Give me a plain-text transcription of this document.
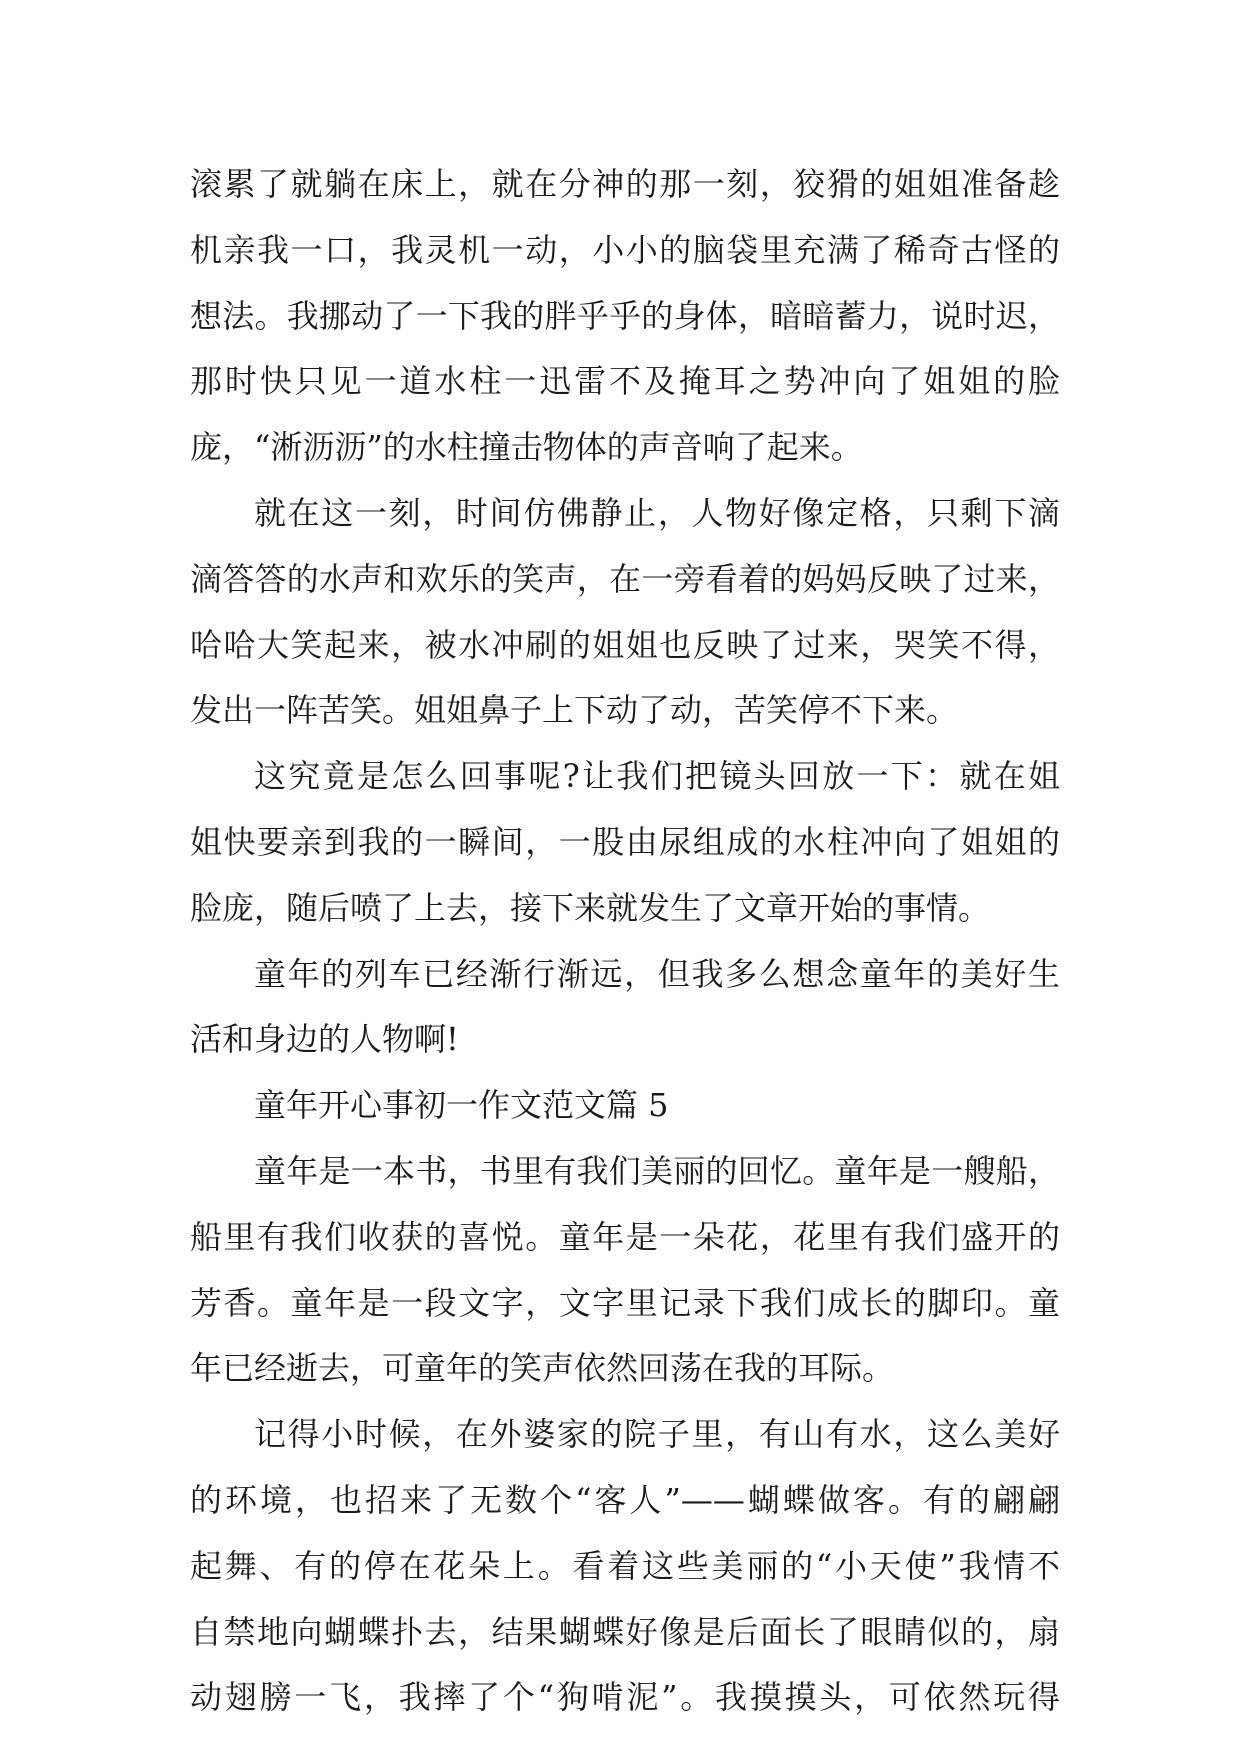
滚累了就躺在床上，就在分神的那一刻，狡猾的姐姐准备趁
机亲我一口，我灵机一动，小小的脑袋里充满了稀奇古怪的
想法。我挪动了一下我的胖乎乎的身体，暗暗蓄力，说时迟，
那时快只见一道水柱一迅雷不及掩耳之势冲向了姐姐的脸
庞，“淅沥沥”的水柱撞击物体的声音响了起来。
就在这一刻，时间仿佛静止，人物好像定格，只剩下滴
滴答答的水声和欢乐的笑声，在一旁看着的妈妈反映了过来，
哈哈大笑起来，被水冲刷的姐姐也反映了过来，哭笑不得，
发出一阵苦笑。姐姐鼻子上下动了动，苦笑停不下来。
这究竟是怎么回事呢?让我们把镜头回放一下：就在姐
姐快要亲到我的一瞬间，一股由尿组成的水柱冲向了姐姐的
脸庞，随后喷了上去，接下来就发生了文章开始的事情。
童年的列车已经渐行渐远，但我多么想念童年的美好生
活和身边的人物啊!
童年开心事初一作文范文篇 5
童年是一本书，书里有我们美丽的回忆。童年是一艘船，
船里有我们收获的喜悦。童年是一朵花，花里有我们盛开的
芳香。童年是一段文字，文字里记录下我们成长的脚印。童
年已经逝去，可童年的笑声依然回荡在我的耳际。
记得小时候，在外婆家的院子里，有山有水，这么美好
的环境，也招来了无数个“客人”——蝴蝶做客。有的翩翩
起舞、有的停在花朵上。看着这些美丽的“小天使”我情不
自禁地向蝴蝶扑去，结果蝴蝶好像是后面长了眼睛似的，扇
动翅膀一飞，我摔了个“狗啃泥”。我摸摸头，可依然玩得
